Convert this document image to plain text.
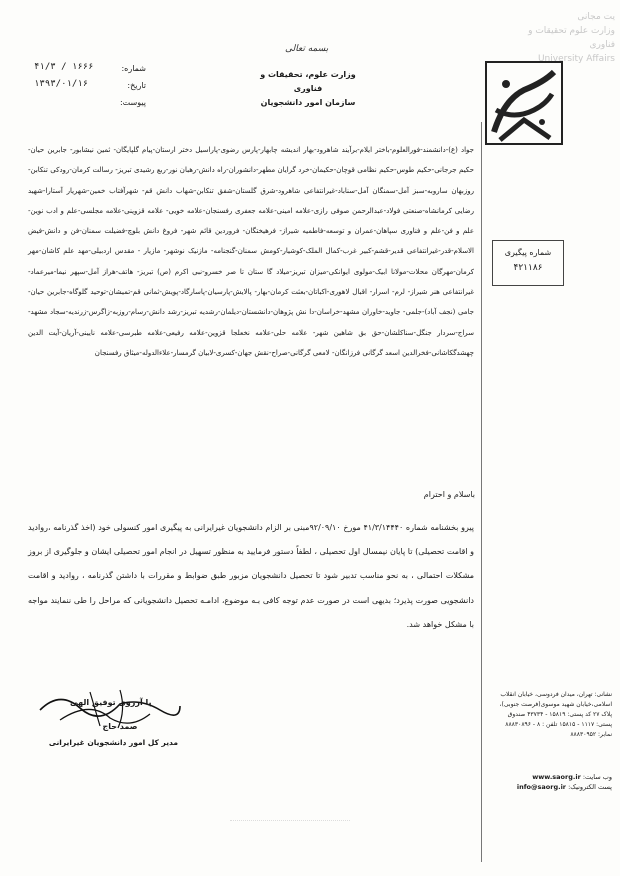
یت مجانی
وزارت علوم تحقیقات و فناوری
University Affairs
بسمه تعالی
وزارت علوم، تحقیقات و فناوری
سازمان امور دانشجویان
شماره:
تاریخ:
پیوست:
۴۱/۳ / ۱۶۶۶
۱۳۹۳/۰۱/۱۶
شماره پیگیری
۴۲۱۱۸۶
جواد (ع)-دانشمند-فورالعلوم-باختر ایلام-برآیند شاهرود-بهار اندیشه چابهار-پارس رضوی-پاراسیل دختر ارستان-پیام گلپایگان- ثمین نیشابور- جابرین حیان-حکیم جرجانی-حکیم طوس-حکیم نظامی قوچان-حکیمان-خرد گرایان مطهر-دانشوران-راه دانش-رهبان نور-ربع رشیدی تبریز- رسالت کرمان-رودکی تنکابن-روزبهان ساروبه-سبز آمل-سمنگان آمل-سناباد-غیرانتفاعی شاهرود-شرق گلستان-شفق تنکابن-شهاب دانش قم- شهرآفتاب خمین-شهریار آستارا-شهید رضایی کرمانشاه-صنعتی فولاد-عبدالرحمن صوفی رازی-علامه امینی-علامه جعفری رفسنجان-علامه خویی- علامه قزوینی-علامه مجلسی-علم و ادب نوین-علم و فن-علم و فناوری سپاهان-عمران و توسعه-فاطمیه شیراز- فرهیختگان- فروردین قائم شهر- فروغ دانش بلوچ-فضیلت سمنان-فن و دانش-فیض الاسلام-قدر-غیرانتفاعی قدیر-قشم-کبیر غرب-کمال الملک-کوشیار-کومش سمنان-گنجنامه- مازنیک نوشهر- مازیار - مقدس اردبیلی-مهد علم کاشان-مهر کرمان-مهرگان محلات-مولانا ابیک-مولوی ایوانکی-میزان تبریز-میلاد گا ستان تا صر خسرو-نبی اکرم (ص) تبریز- هاتف-هراز آمل-سپهر نیما-میرعماد-غیرانتفاعی هنر شیراز- لرم- اسرار- اقبال لاهوری-اکباتان-بعثت کرمان-بهار- پالایش-پارسیان-پاسارگاد-پویش-ثمانی قم-تمیشان-توحید گلوگاه-جابرین حیان-جامی (نجف آباد)-جلمی- جاوید-خاوران مشهد-خراسان-دا نش پژوهان-دانشستان-دیلمان-رشدیه تبریز-رشد دانش-رسام-روزبه-زاگرس-زرندیه-سجاد مشهد-سراج-سردار جنگل-سناکلشان-حق بق شاهین شهر- علامه حلی-علامه نخعلجا قزوین-علامه رفیعی-علامه طبرسی-علامه نایینی-آریان-آیت الدین چهشدگکاشانی-فخرالدین اسعد گرگانی فرزانگان- لامعی گرگانی-صراح-نقش جهان-کسری-لابیان گرمسار-علاءالدوله-میثاق رفسنجان
باسلام و احترام
پیرو بخشنامه شماره ۴۱/۳/۱۴۴۴۰ مورخ ۹۲/۰۹/۱۰مبنی بر الزام دانشجویان غیرایرانی به پیگیری امور کنسولی خود (اخذ گذرنامه ،روادید و اقامت تحصیلی) تا پایان نیمسال اول تحصیلی ، لطفاً دستور فرمایید به منظور تسهیل در انجام امور تحصیلی ایشان و جلوگیری از بروز مشکلات احتمالی ، به نحو مناسب تدبیر شود تا تحصیل دانشجویان مزبور طبق ضوابط و مقررات با داشتن گذرنامه ، روادید و اقامت دانشجویی صورت پذیرد؛ بدیهی است در صورت عدم توجه کافی بـه موضوع، ادامـه تحصیل دانشجویانی که مراحل را طی ننمایند مواجه با مشکل خواهد شد.
با آرزوی توفیق الهی
صمد حاج‌
مدیر کل امور دانشجویان غیرایرانی
نشانی: تهران، میدان فردوسی، خیابان انقلاب اسلامی،خیابان شهید موسوی(فرصت جنوبی)، پلاک ۲۷ کد پستی: ۱۵۸۱۹ - ۴۳۷۳۴ صندوق پستی: ۱۱۱۷ - ۱۵۸۱۵ تلفن : ۸ - ۸۸۸۳۰۸۹۶ نمابر: ۸۸۸۳۰۹۵۲
وب سایت: www.saorg.ir
پست الکترونیک: info@saorg.ir
